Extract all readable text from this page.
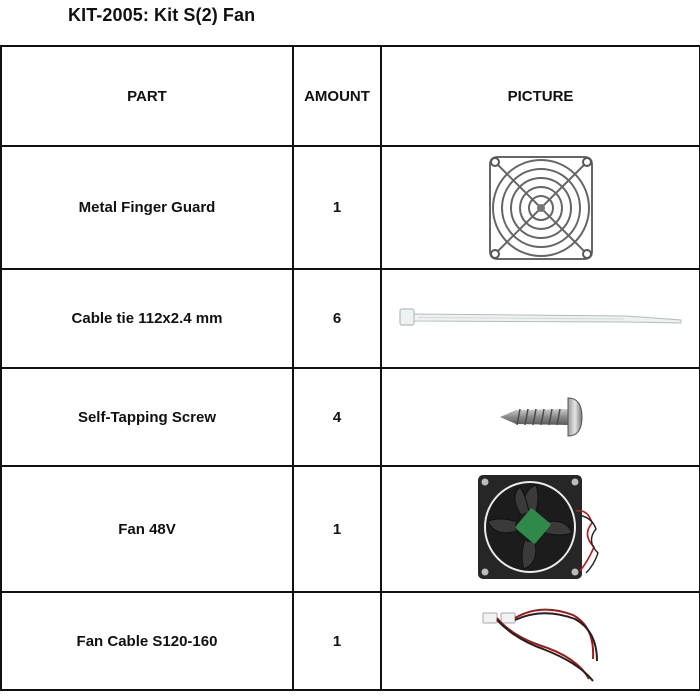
KIT-2005: Kit S(2) Fan
PART	AMOUNT	PICTURE
Metal Finger Guard	1	

Cable tie 112x2.4 mm	6	

Self-Tapping Screw	4	

Fan 48V	1	

Fan Cable S120-160	1	
